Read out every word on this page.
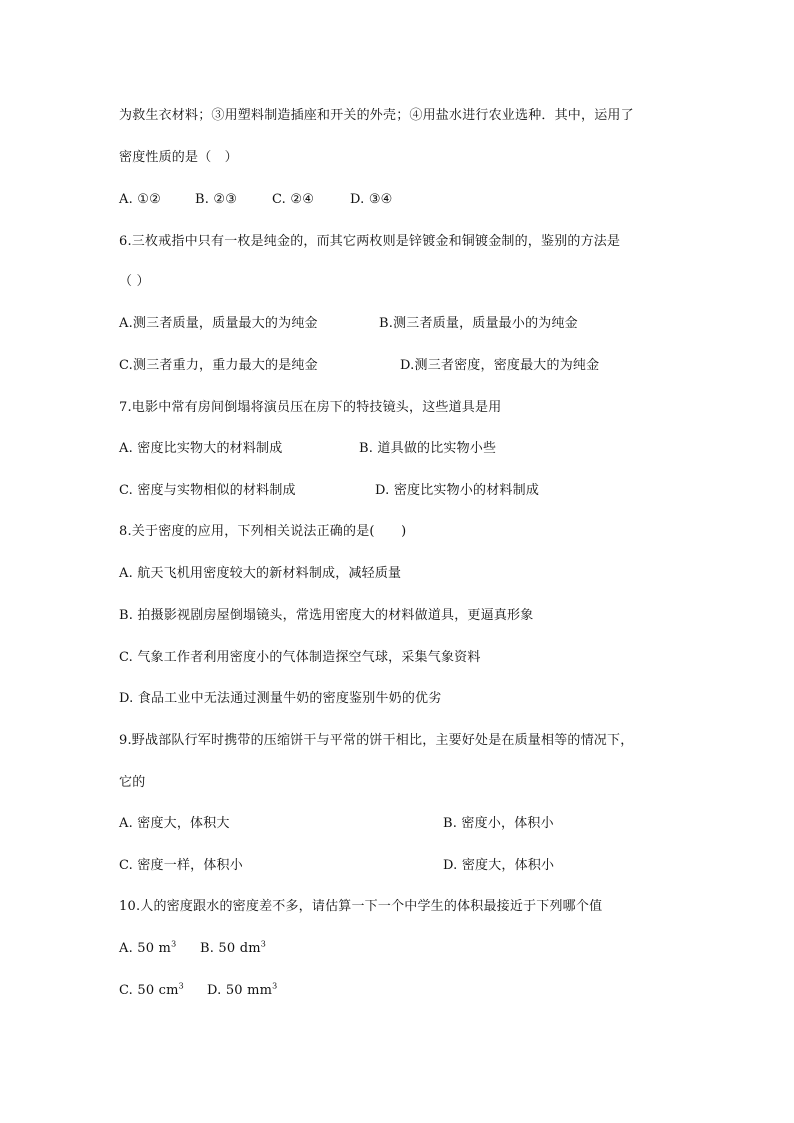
为救生衣材料；③用塑料制造插座和开关的外壳；④用盐水进行农业选种．其中，运用了
密度性质的是（　）
A. ①②	B. ②③	C. ②④	D. ③④
6.三枚戒指中只有一枚是纯金的，而其它两枚则是锌镀金和铜镀金制的，鉴别的方法是
（ ）
A.测三者质量，质量最大的为纯金	B.测三者质量，质量最小的为纯金
C.测三者重力，重力最大的是纯金	D.测三者密度，密度最大的为纯金
7.电影中常有房间倒塌将演员压在房下的特技镜头，这些道具是用
A. 密度比实物大的材料制成	B. 道具做的比实物小些
C. 密度与实物相似的材料制成	D. 密度比实物小的材料制成
8.关于密度的应用，下列相关说法正确的是(　　)
A. 航天飞机用密度较大的新材料制成，减轻质量
B. 拍摄影视剧房屋倒塌镜头，常选用密度大的材料做道具，更逼真形象
C. 气象工作者利用密度小的气体制造探空气球，采集气象资料
D. 食品工业中无法通过测量牛奶的密度鉴别牛奶的优劣
9.野战部队行军时携带的压缩饼干与平常的饼干相比，主要好处是在质量相等的情况下，
它的
A. 密度大，体积大	B. 密度小，体积小
C. 密度一样，体积小	D. 密度大，体积小
10.人的密度跟水的密度差不多，请估算一下一个中学生的体积最接近于下列哪个值
A. 50 $m^3$ B. 50 $dm^3$
C. 50 $cm^3$ D. 50 $mm^3$
